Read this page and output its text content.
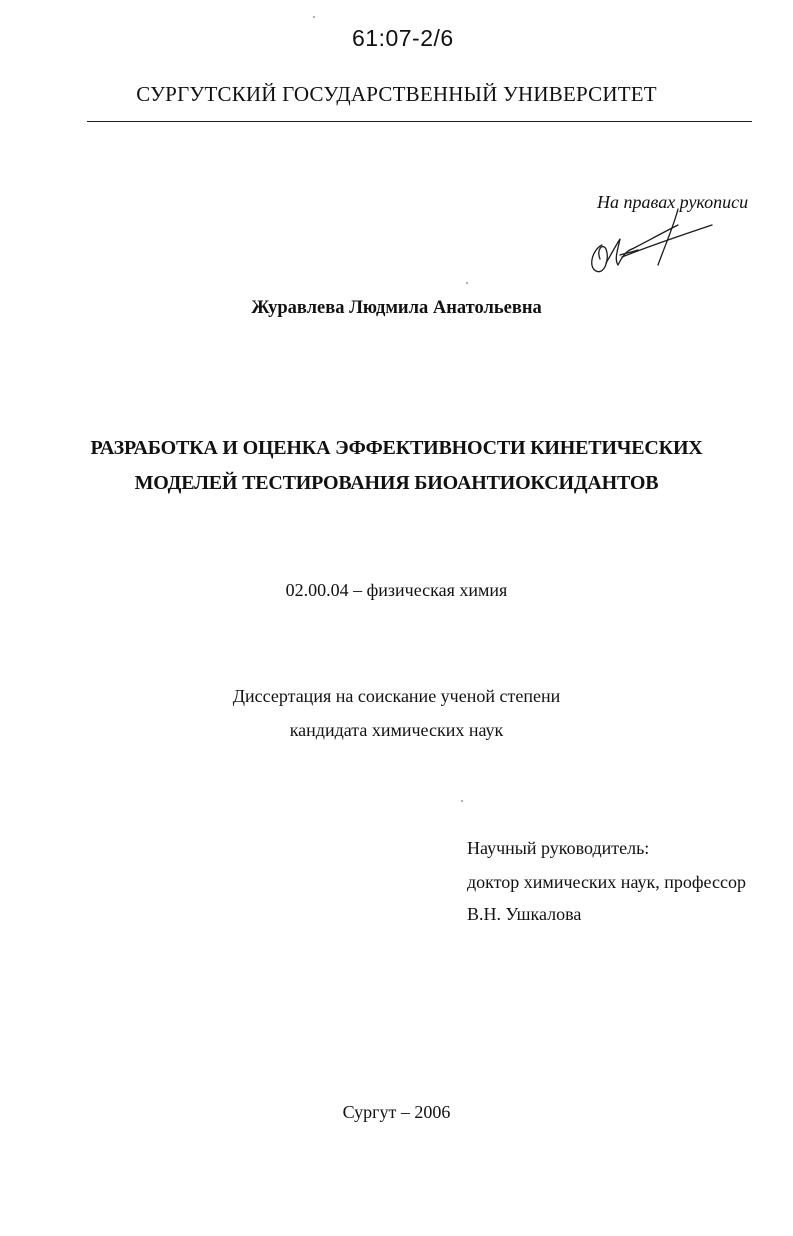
61:07-2/6
СУРГУТСКИЙ ГОСУДАРСТВЕННЫЙ УНИВЕРСИТЕТ
На правах рукописи
Журавлева Людмила Анатольевна
РАЗРАБОТКА И ОЦЕНКА ЭФФЕКТИВНОСТИ КИНЕТИЧЕСКИХ
МОДЕЛЕЙ ТЕСТИРОВАНИЯ БИОАНТИОКСИДАНТОВ
02.00.04 – физическая химия
Диссертация на соискание ученой степени
кандидата химических наук
Научный руководитель:
доктор химических наук, профессор
В.Н. Ушкалова
Сургут – 2006
